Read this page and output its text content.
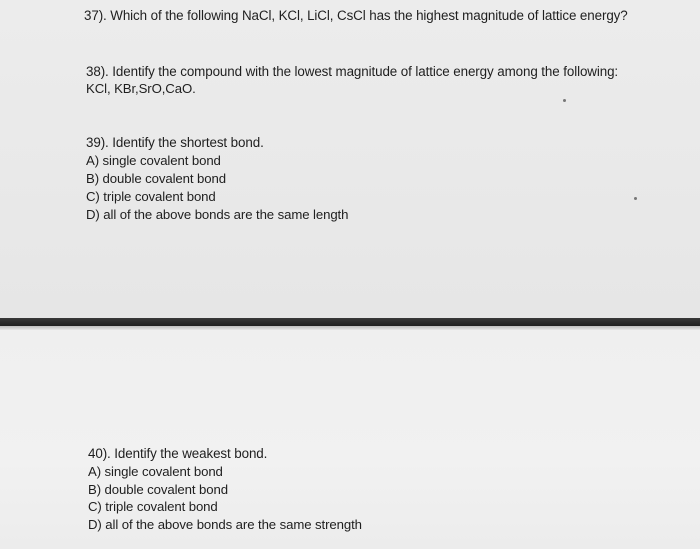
37). Which of the following NaCl, KCl, LiCl, CsCl has the highest magnitude of lattice energy?
38). Identify the compound with the lowest magnitude of lattice energy among the following:
KCl, KBr,SrO,CaO.
39). Identify the shortest bond.
A) single covalent bond
B) double covalent bond
C) triple covalent bond
D) all of the above bonds are the same length
40). Identify the weakest bond.
A) single covalent bond
B) double covalent bond
C) triple covalent bond
D) all of the above bonds are the same strength
